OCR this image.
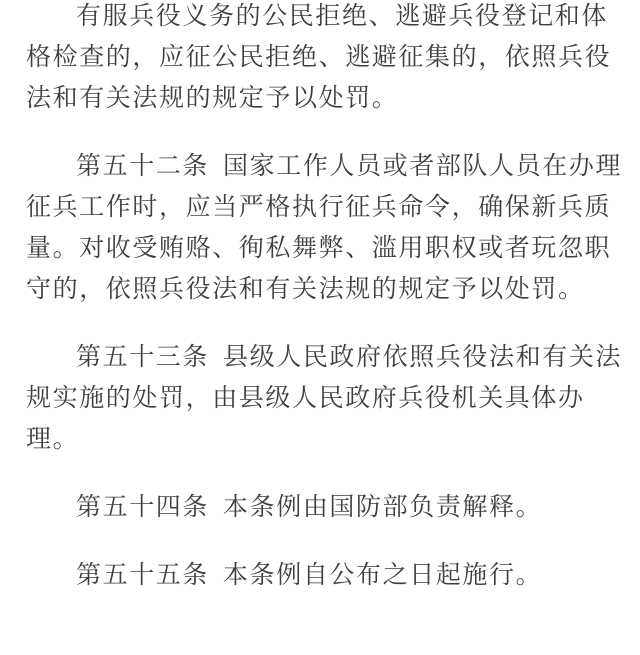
有服兵役义务的公民拒绝、逃避兵役登记和体格检查的，应征公民拒绝、逃避征集的，依照兵役法和有关法规的规定予以处罚。

第五十二条 国家工作人员或者部队人员在办理征兵工作时，应当严格执行征兵命令，确保新兵质量。对收受贿赂、徇私舞弊、滥用职权或者玩忽职守的，依照兵役法和有关法规的规定予以处罚。

第五十三条 县级人民政府依照兵役法和有关法规实施的处罚，由县级人民政府兵役机关具体办理。

第五十四条 本条例由国防部负责解释。

第五十五条 本条例自公布之日起施行。
